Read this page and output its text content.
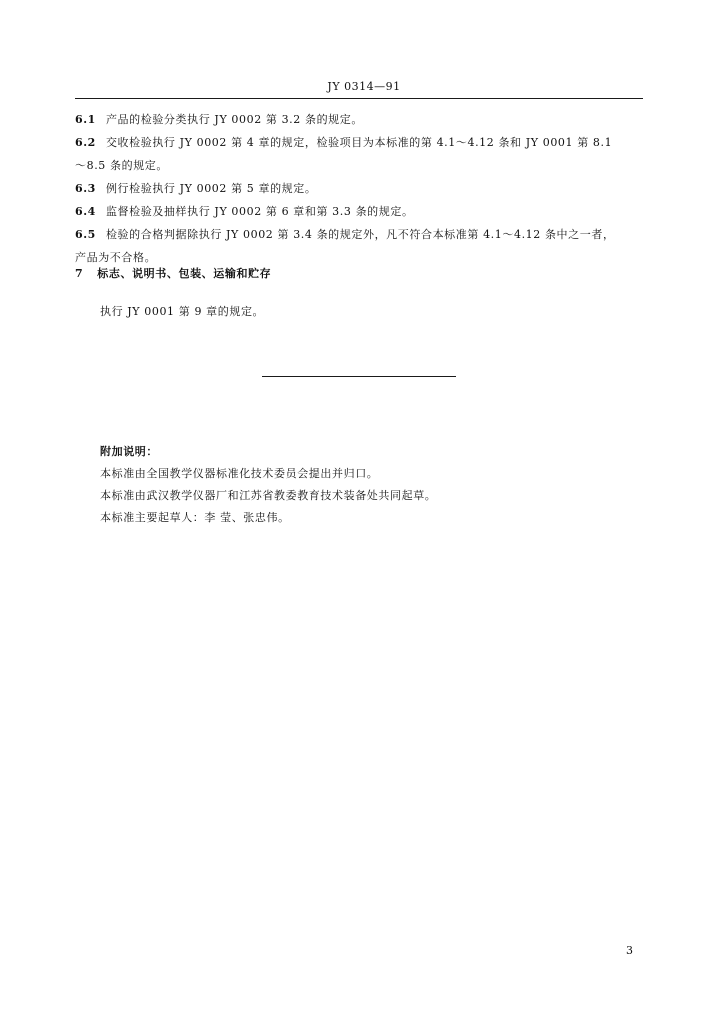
JY 0314—91
6.1 产品的检验分类执行 JY 0002 第 3.2 条的规定。
6.2 交收检验执行 JY 0002 第 4 章的规定，检验项目为本标准的第 4.1～4.12 条和 JY 0001 第 8.1
～8.5 条的规定。
6.3 例行检验执行 JY 0002 第 5 章的规定。
6.4 监督检验及抽样执行 JY 0002 第 6 章和第 3.3 条的规定。
6.5 检验的合格判据除执行 JY 0002 第 3.4 条的规定外，凡不符合本标准第 4.1～4.12 条中之一者，
产品为不合格。
7 标志、说明书、包装、运输和贮存
执行 JY 0001 第 9 章的规定。
附加说明：
本标准由全国教学仪器标准化技术委员会提出并归口。
本标准由武汉教学仪器厂和江苏省教委教育技术装备处共同起草。
本标准主要起草人：李 莹、张忠伟。
3
